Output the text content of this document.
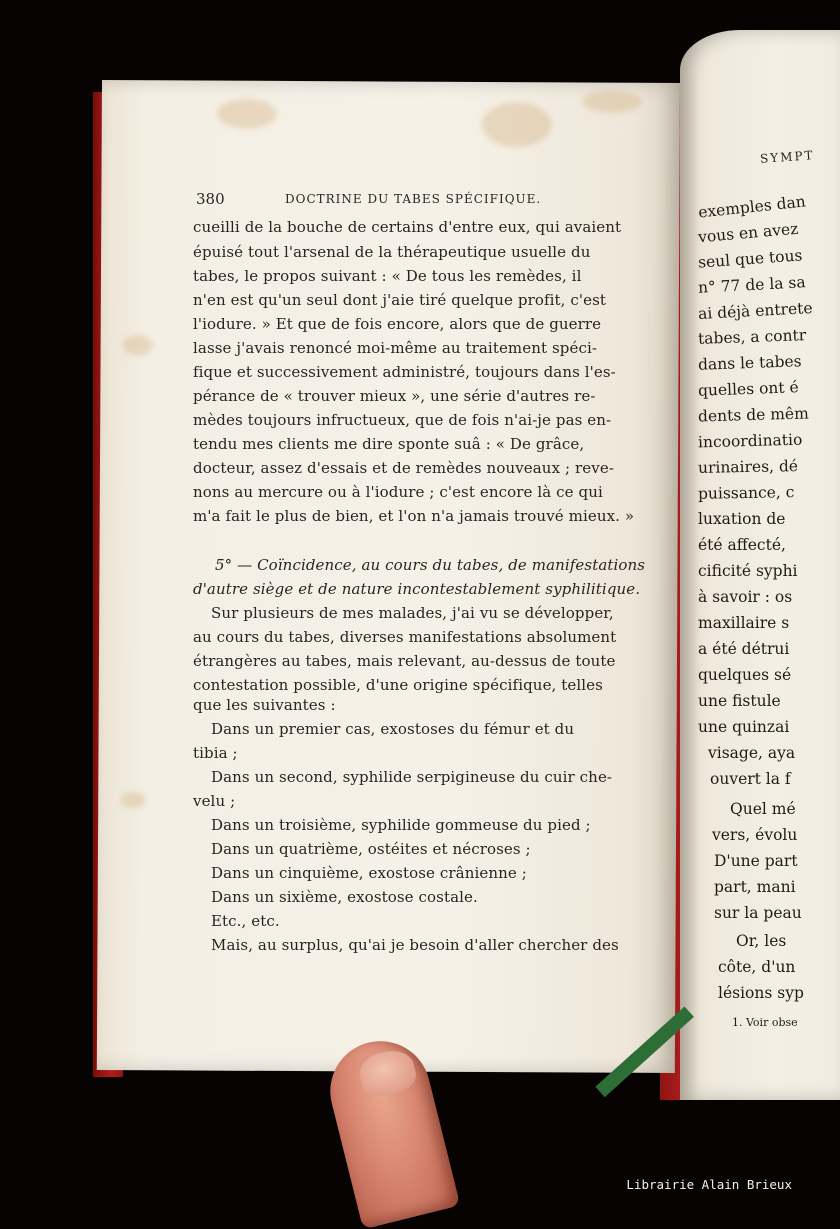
SYMPT
exemples dan
vous en avez
seul que tous
n° 77 de la sa
ai déjà entrete
tabes, a contr
dans le tabes
quelles ont é
dents de mêm
incoordinatio
urinaires, dé
puissance, c
luxation de
été affecté,
cificité syphi
à savoir : os
maxillaire s
a été détrui
quelques sé
une fistule
une quinzai
visage, aya
ouvert la f
Quel mé
vers, évolu
D'une part
part, mani
sur la peau
Or, les
côte, d'un
lésions syp
1. Voir obse
380	DOCTRINE DU TABES SPÉCIFIQUE.
cueilli de la bouche de certains d'entre eux, qui avaient
épuisé tout l'arsenal de la thérapeutique usuelle du
tabes, le propos suivant : « De tous les remèdes, il
n'en est qu'un seul dont j'aie tiré quelque profit, c'est
l'iodure. » Et que de fois encore, alors que de guerre
lasse j'avais renoncé moi-même au traitement spéci-
fique et successivement administré, toujours dans l'es-
pérance de « trouver mieux », une série d'autres re-
mèdes toujours infructueux, que de fois n'ai-je pas en-
tendu mes clients me dire sponte suâ : « De grâce,
docteur, assez d'essais et de remèdes nouveaux ; reve-
nons au mercure ou à l'iodure ; c'est encore là ce qui
m'a fait le plus de bien, et l'on n'a jamais trouvé mieux. »
5° — Coïncidence, au cours du tabes, de manifestations
d'autre siège et de nature incontestablement syphilitique.
Sur plusieurs de mes malades, j'ai vu se développer,
au cours du tabes, diverses manifestations absolument
étrangères au tabes, mais relevant, au-dessus de toute
contestation possible, d'une origine spécifique, telles
que les suivantes :
Dans un premier cas, exostoses du fémur et du
tibia ;
Dans un second, syphilide serpigineuse du cuir che-
velu ;
Dans un troisième, syphilide gommeuse du pied ;
Dans un quatrième, ostéites et nécroses ;
Dans un cinquième, exostose crânienne ;
Dans un sixième, exostose costale.
Etc., etc.
Mais, au surplus, qu'ai je besoin d'aller chercher des
Librairie Alain Brieux
